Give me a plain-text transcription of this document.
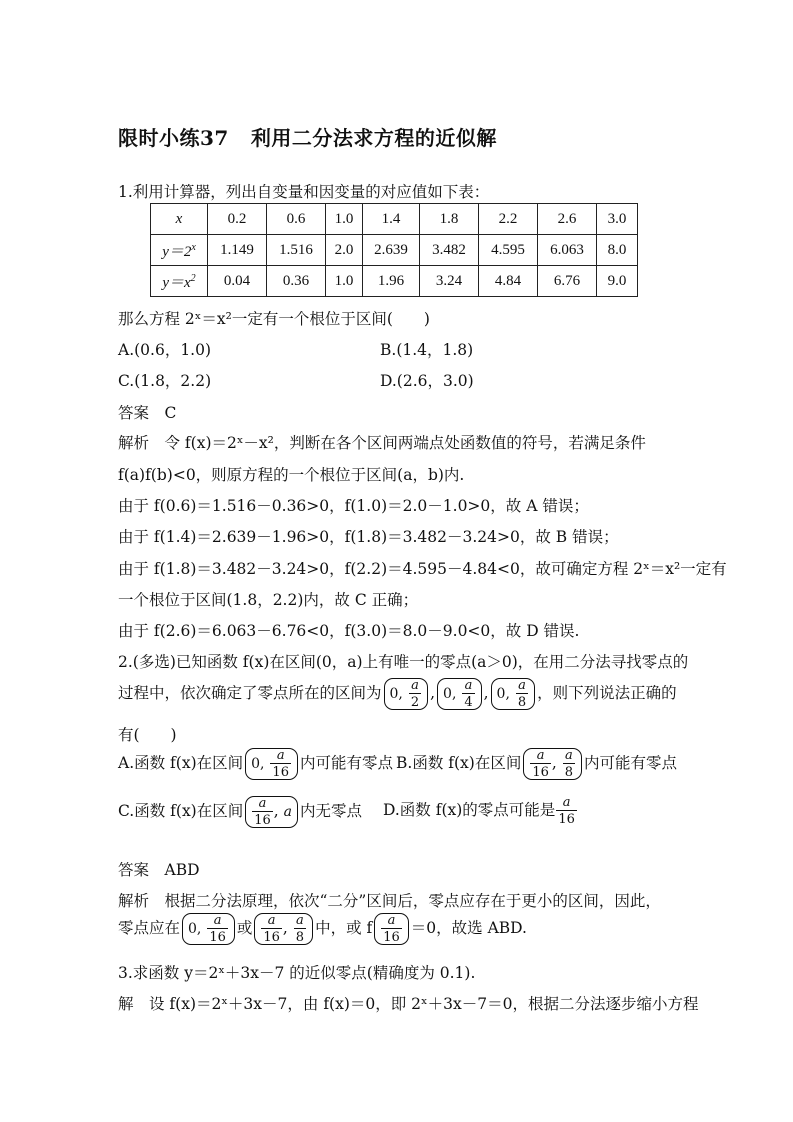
限时小练37 利用二分法求方程的近似解
1.利用计算器，列出自变量和因变量的对应值如下表：
x	0.2	0.6	1.0	1.4	1.8	2.2	2.6	3.0
$y=2^x$	1.149	1.516	2.0	2.639	3.482	4.595	6.063	8.0
$y=x^2$	0.04	0.36	1.0	1.96	3.24	4.84	6.76	9.0
那么方程 2ˣ＝x²一定有一个根位于区间(　　)
A.(0.6，1.0)	B.(1.4，1.8)
C.(1.8，2.2)	D.(2.6，3.0)
答案　C
解析　令 f(x)＝2ˣ－x²，判断在各个区间两端点处函数值的符号，若满足条件
f(a)f(b)<0，则原方程的一个根位于区间(a，b)内.
由于 f(0.6)＝1.516－0.36>0，f(1.0)＝2.0－1.0>0，故 A 错误；
由于 f(1.4)＝2.639－1.96>0，f(1.8)＝3.482－3.24>0，故 B 错误；
由于 f(1.8)＝3.482－3.24>0，f(2.2)＝4.595－4.84<0，故可确定方程 2ˣ＝x²一定有
一个根位于区间(1.8，2.2)内，故 C 正确；
由于 f(2.6)＝6.063－6.76<0，f(3.0)＝8.0－9.0<0，故 D 错误.
2.(多选)已知函数 f(x)在区间(0，a)上有唯一的零点(a＞0)，在用二分法寻找零点的
过程中，依次确定了零点所在的区间为 0, $\frac{a}{2}$ , 0, $\frac{a}{4}$ , 0, $\frac{a}{8}$ ，则下列说法正确的
有(　　)
A.函数 f(x)在区间 0, $\frac{a}{16}$ 内可能有零点 B.函数 f(x)在区间 $\frac{a}{16}$ , $\frac{a}{8}$ 内可能有零点
C.函数 f(x)在区间 $\frac{a}{16}$ , a 内无零点 D.函数 f(x)的零点可能是 $\frac{a}{16}$
答案　ABD
解析　根据二分法原理，依次“二分”区间后，零点应存在于更小的区间，因此，
零点应在 0, $\frac{a}{16}$ 或 $\frac{a}{16}$ , $\frac{a}{8}$ 中，或 f $\frac{a}{16} =0$，故选 ABD.
3.求函数 y＝2ˣ＋3x－7 的近似零点(精确度为 0.1).
解　设 f(x)＝2ˣ＋3x－7，由 f(x)＝0，即 2ˣ＋3x－7＝0，根据二分法逐步缩小方程
